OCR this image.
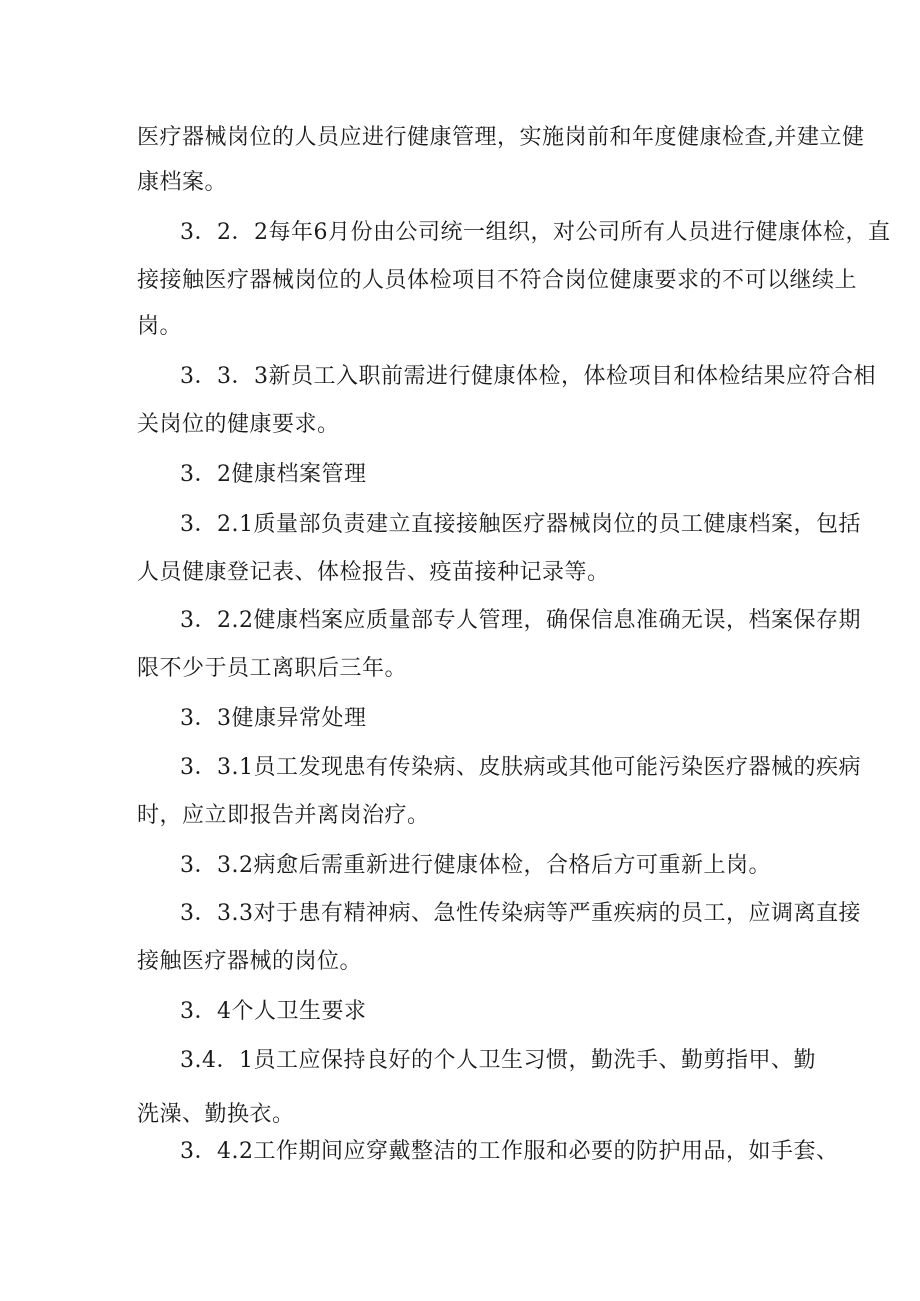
医疗器械岗位的人员应进行健康管理，实施岗前和年度健康检查,并建立健

康档案。

3．2．2每年6月份由公司统一组织，对公司所有人员进行健康体检，直

接接触医疗器械岗位的人员体检项目不符合岗位健康要求的不可以继续上

岗。

3．3．3新员工入职前需进行健康体检，体检项目和体检结果应符合相

关岗位的健康要求。

3．2健康档案管理

3．2.1质量部负责建立直接接触医疗器械岗位的员工健康档案，包括

人员健康登记表、体检报告、疫苗接种记录等。

3．2.2健康档案应质量部专人管理，确保信息准确无误，档案保存期

限不少于员工离职后三年。

3．3健康异常处理

3．3.1员工发现患有传染病、皮肤病或其他可能污染医疗器械的疾病

时，应立即报告并离岗治疗。

3．3.2病愈后需重新进行健康体检，合格后方可重新上岗。

3．3.3对于患有精神病、急性传染病等严重疾病的员工，应调离直接

接触医疗器械的岗位。

3．4个人卫生要求

3.4．1员工应保持良好的个人卫生习惯，勤洗手、勤剪指甲、勤

洗澡、勤换衣。

3．4.2工作期间应穿戴整洁的工作服和必要的防护用品，如手套、
